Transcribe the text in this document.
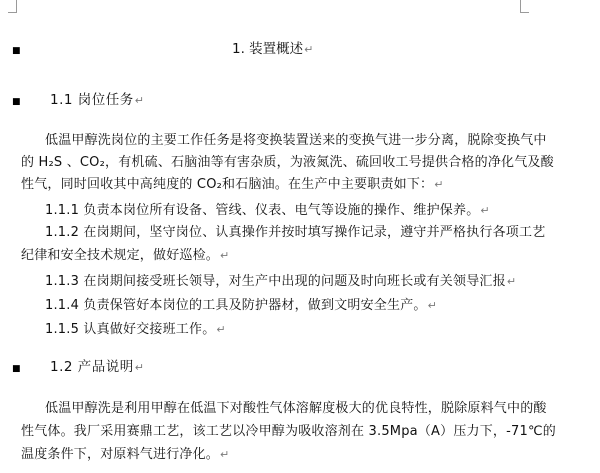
■	1. 装置概述↵
■ 1.1 岗位任务↵
低温甲醇洗岗位的主要工作任务是将变换装置送来的变换气进一步分离，脱除变换气中
的 H₂S 、CO₂，有机硫、石脑油等有害杂质，为液氮洗、硫回收工号提供合格的净化气及酸
性气，同时回收其中高纯度的 CO₂和石脑油。在生产中主要职责如下：↵
1.1.1 负责本岗位所有设备、管线、仪表、电气等设施的操作、维护保养。↵
1.1.2 在岗期间，坚守岗位、认真操作并按时填写操作记录，遵守并严格执行各项工艺
纪律和安全技术规定，做好巡检。↵
1.1.3 在岗期间接受班长领导，对生产中出现的问题及时向班长或有关领导汇报↵
1.1.4 负责保管好本岗位的工具及防护器材，做到文明安全生产。↵
1.1.5 认真做好交接班工作。↵
■ 1.2 产品说明↵
低温甲醇洗是利用甲醇在低温下对酸性气体溶解度极大的优良特性，脱除原料气中的酸
性气体。我厂采用赛鼎工艺，该工艺以冷甲醇为吸收溶剂在 3.5Mpa（A）压力下，-71℃的
温度条件下，对原料气进行净化。↵
